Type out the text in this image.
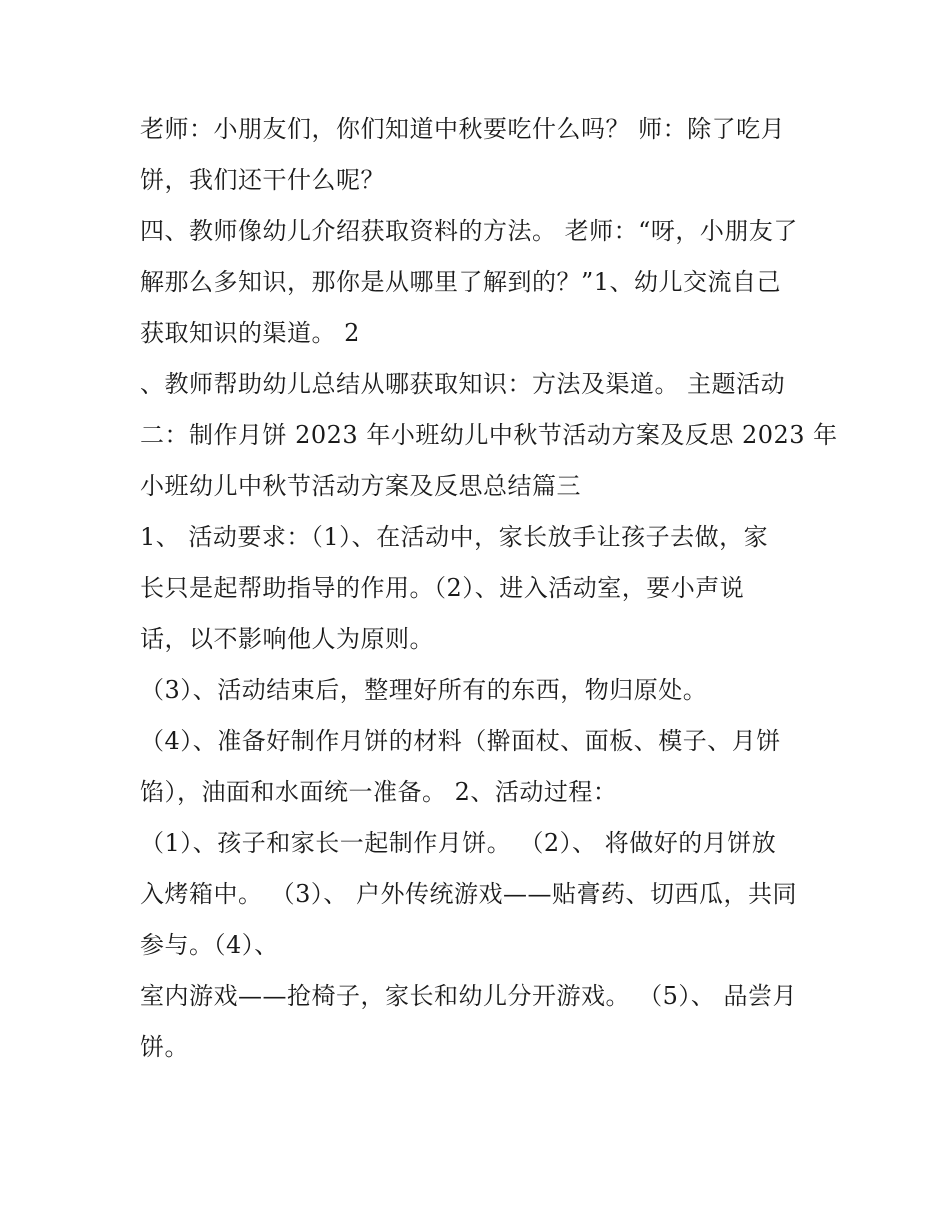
老师：小朋友们，你们知道中秋要吃什么吗？ 师：除了吃月
饼，我们还干什么呢？
四、教师像幼儿介绍获取资料的方法。 老师：“呀，小朋友了
解那么多知识，那你是从哪里了解到的？”1、幼儿交流自己
获取知识的渠道。 2
、教师帮助幼儿总结从哪获取知识：方法及渠道。 主题活动
二：制作月饼 2023 年小班幼儿中秋节活动方案及反思 2023 年
小班幼儿中秋节活动方案及反思总结篇三
1、 活动要求：（1）、在活动中，家长放手让孩子去做，家
长只是起帮助指导的作用。（2）、进入活动室，要小声说
话，以不影响他人为原则。
（3）、活动结束后，整理好所有的东西，物归原处。
（4）、准备好制作月饼的材料（擀面杖、面板、模子、月饼
馅），油面和水面统一准备。 2、活动过程：
（1）、孩子和家长一起制作月饼。 （2）、 将做好的月饼放
入烤箱中。 （3）、 户外传统游戏——贴膏药、切西瓜，共同
参与。（4）、
室内游戏——抢椅子，家长和幼儿分开游戏。 （5）、 品尝月
饼。
